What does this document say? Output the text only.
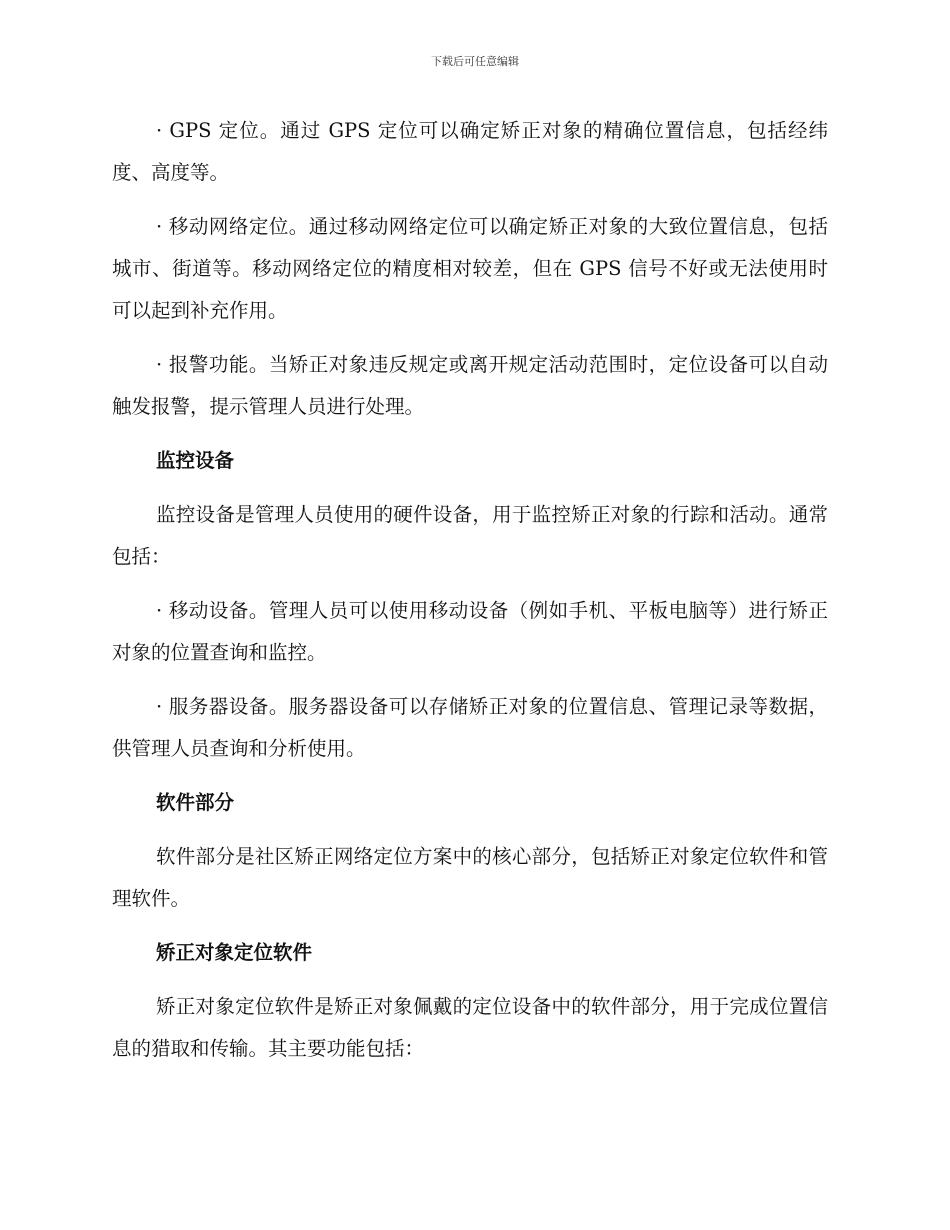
下载后可任意编辑

· GPS 定位。通过 GPS 定位可以确定矫正对象的精确位置信息，包括经纬度、高度等。

· 移动网络定位。通过移动网络定位可以确定矫正对象的大致位置信息，包括城市、街道等。移动网络定位的精度相对较差，但在 GPS 信号不好或无法使用时可以起到补充作用。

· 报警功能。当矫正对象违反规定或离开规定活动范围时，定位设备可以自动触发报警，提示管理人员进行处理。

监控设备

监控设备是管理人员使用的硬件设备，用于监控矫正对象的行踪和活动。通常包括：

· 移动设备。管理人员可以使用移动设备（例如手机、平板电脑等）进行矫正对象的位置查询和监控。

· 服务器设备。服务器设备可以存储矫正对象的位置信息、管理记录等数据，供管理人员查询和分析使用。

软件部分

软件部分是社区矫正网络定位方案中的核心部分，包括矫正对象定位软件和管理软件。

矫正对象定位软件

矫正对象定位软件是矫正对象佩戴的定位设备中的软件部分，用于完成位置信息的猎取和传输。其主要功能包括：
